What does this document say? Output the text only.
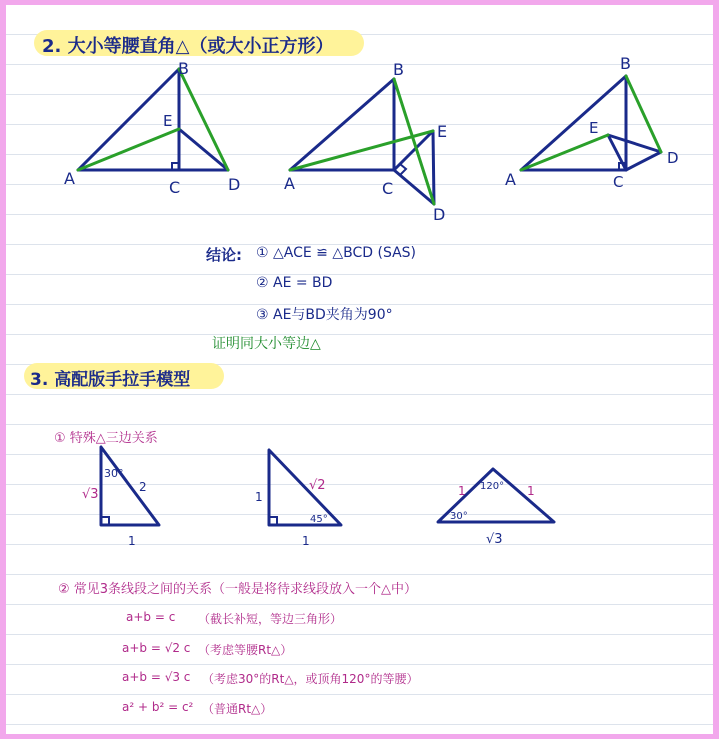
2. 大小等腰直角△（或大小正方形）
A
B
C	D
E
A
B
C
D
E
A
B
C
D
E
30°
√3	2
1
1
√2
45°
1
120°
1	1
30°
√3
结论: ① △ACE ≌ △BCD (SAS)
② AE = BD
③ AE与BD夹角为90°
证明同大小等边△
3. 高配版手拉手模型
① 特殊△三边关系
② 常见3条线段之间的关系（一般是将待求线段放入一个△中）
a+b = c （截长补短，等边三角形）
a+b = √2 c （考虑等腰Rt△）
a+b = √3 c （考虑30°的Rt△，或顶角120°的等腰）
a² + b² = c² （普通Rt△）
